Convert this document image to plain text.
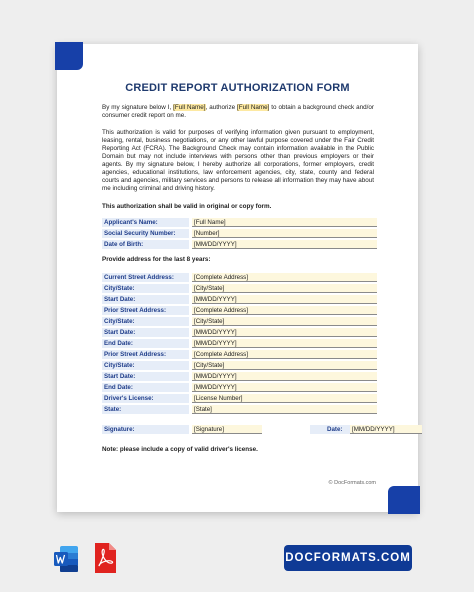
CREDIT REPORT AUTHORIZATION FORM
By my signature below I, [Full Name], authorize [Full Name] to obtain a background check and/or consumer credit report on me.
This authorization is valid for purposes of verifying information given pursuant to employment, leasing, rental, business negotiations, or any other lawful purpose covered under the Fair Credit Reporting Act (FCRA). The Background Check may contain information available in the Public Domain but may not include interviews with persons other than previous employers or their agents. By my signature below, I hereby authorize all corporations, former employers, credit agencies, educational institutions, law enforcement agencies, city, state, county and federal courts and agencies, military services and persons to release all information they may have about me including criminal and driving history.
This authorization shall be valid in original or copy form.
Applicant's Name:	[Full Name]
Social Security Number:	[Number]
Date of Birth:	[MM/DD/YYYY]
Provide address for the last 8 years:
Current Street Address:	[Complete Address]
City/State:	[City/State]
Start Date:	[MM/DD/YYYY]
Prior Street Address:	[Complete Address]
City/State:	[City/State]
Start Date:	[MM/DD/YYYY]
End Date:	[MM/DD/YYYY]
Prior Street Address:	[Complete Address]
City/State:	[City/State]
Start Date:	[MM/DD/YYYY]
End Date:	[MM/DD/YYYY]
Driver's License:	[License Number]
State:	[State]
Signature:	[Signature]	Date:	[MM/DD/YYYY]
Note: please include a copy of valid driver's license.
© DocFormats.com
DOCFORMATS.COM
